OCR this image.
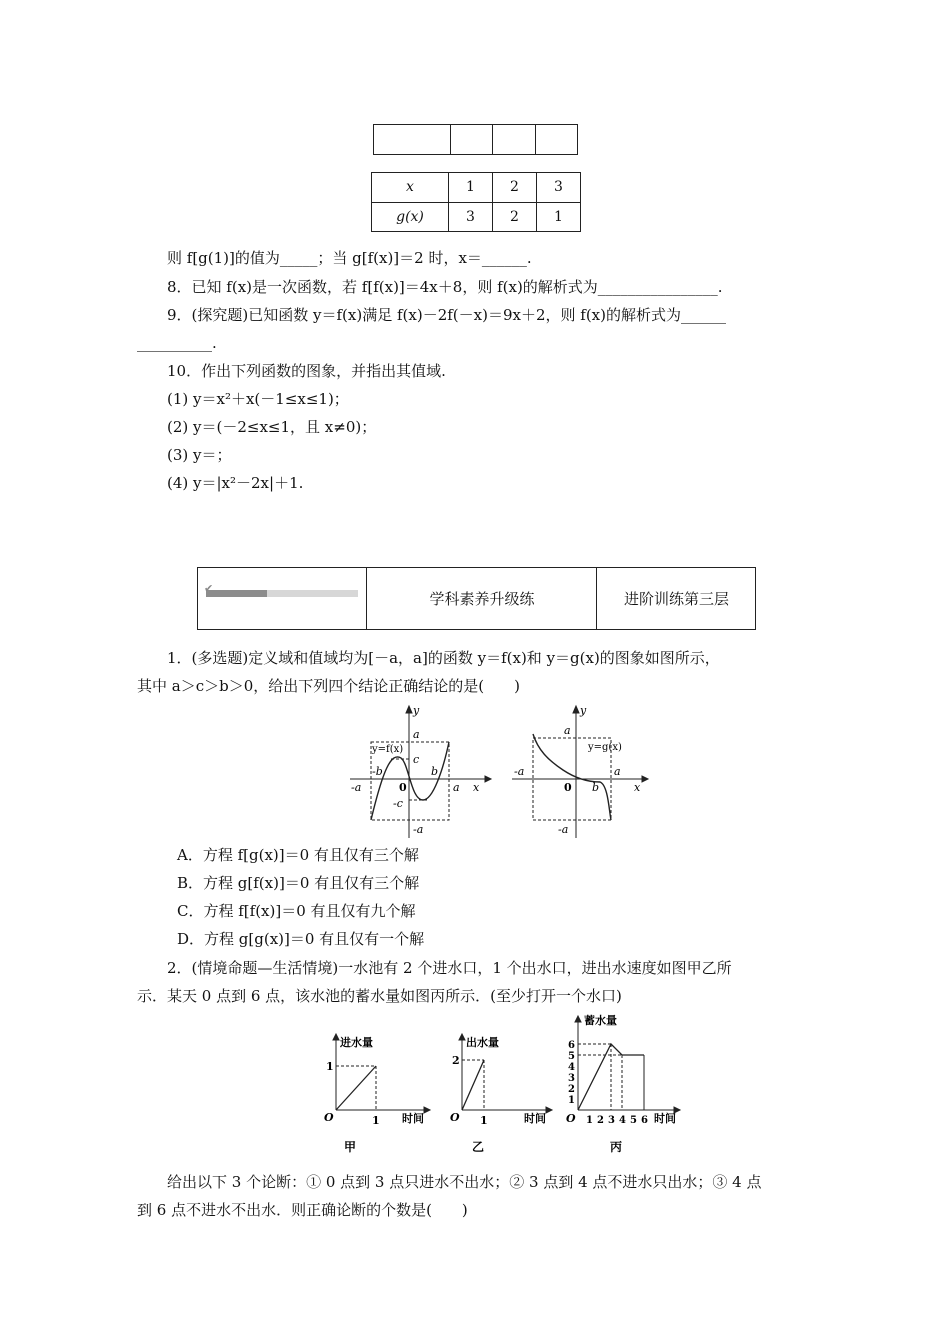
x	1	2	3
g(x)	3	2	1
则 f[g(1)]的值为_____；当 g[f(x)]＝2 时，x＝______.
8．已知 f(x)是一次函数，若 f[f(x)]＝4x＋8，则 f(x)的解析式为________________.
9．(探究题)已知函数 y＝f(x)满足 f(x)－2f(－x)＝9x＋2，则 f(x)的解析式为______
__________.
10．作出下列函数的图象，并指出其值域.
(1) y＝x²＋x(－1≤x≤1)；
(2) y＝(－2≤x≤1，且 x≠0)；
(3) y＝；
(4) y＝|x²－2x|＋1.
✔
学科素养升级练	进阶训练第三层
1．(多选题)定义域和值域均为[－a，a]的函数 y＝f(x)和 y＝g(x)的图象如图所示，
其中 a＞c＞b＞0，给出下列四个结论正确结论的是(　　)
y
a
y=f(x)
c
-b	b
-a	0	a x
-c
-a
y
a
y=g(x)
-a
0 b
a
x
-a
A．方程 f[g(x)]＝0 有且仅有三个解
B．方程 g[f(x)]＝0 有且仅有三个解
C．方程 f[f(x)]＝0 有且仅有九个解
D．方程 g[g(x)]＝0 有且仅有一个解
2．(情境命题—生活情境)一水池有 2 个进水口，1 个出水口，进出水速度如图甲乙所
示．某天 0 点到 6 点，该水池的蓄水量如图丙所示．(至少打开一个水口)
进水量
1
O	1 时间
甲
出水量
2
O 1	时间
乙
蓄水量
1
2
3
4
5
6
1 2 3 4 5 6
O	时间
丙
给出以下 3 个论断：① 0 点到 3 点只进水不出水；② 3 点到 4 点不进水只出水；③ 4 点
到 6 点不进水不出水．则正确论断的个数是(　　)
